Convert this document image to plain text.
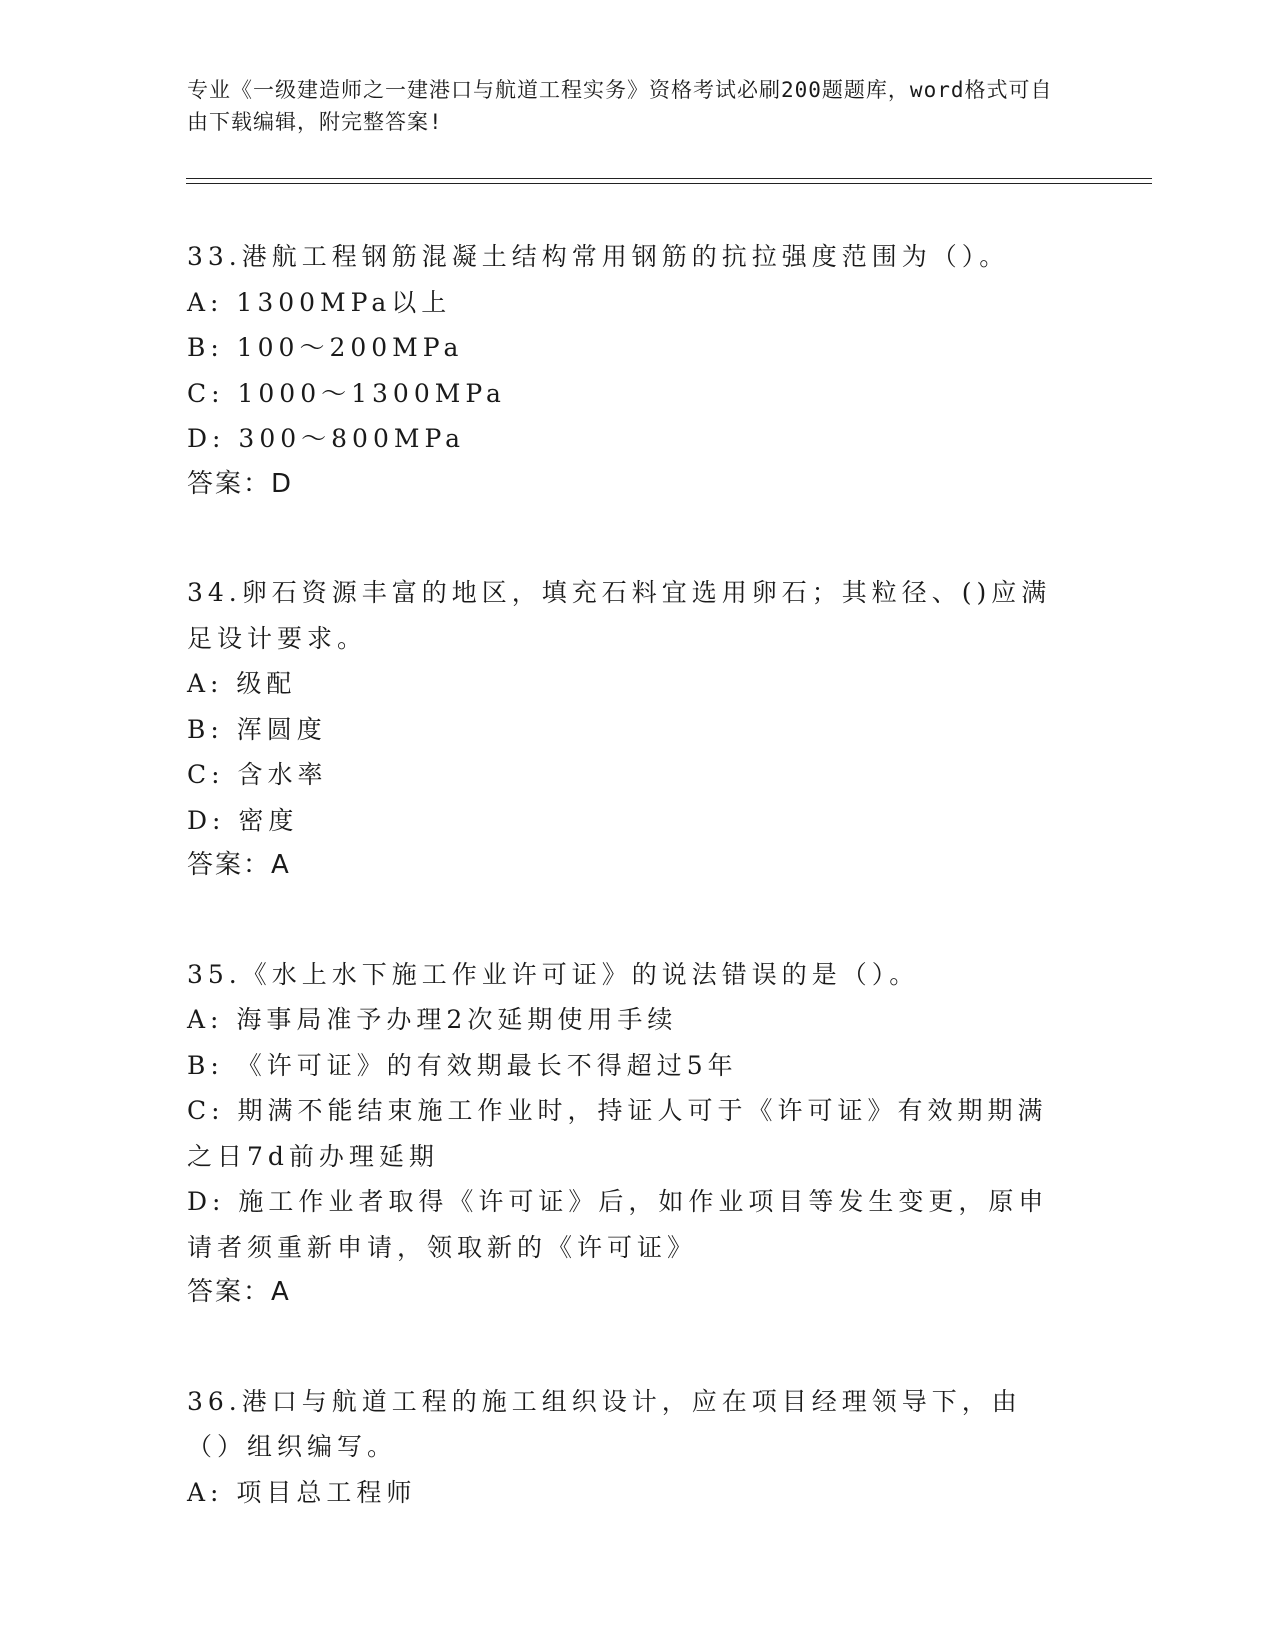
专业《一级建造师之一建港口与航道工程实务》资格考试必刷200题题库，word格式可自由下载编辑，附完整答案!
33.港航工程钢筋混凝土结构常用钢筋的抗拉强度范围为（）。
A: 1300MPa以上
B: 100～200MPa
C: 1000～1300MPa
D: 300～800MPa
答案：D
34.卵石资源丰富的地区，填充石料宜选用卵石；其粒径、()应满足设计要求。
A: 级配
B: 浑圆度
C: 含水率
D: 密度
答案：A
35.《水上水下施工作业许可证》的说法错误的是（）。
A: 海事局准予办理2次延期使用手续
B: 《许可证》的有效期最长不得超过5年
C: 期满不能结束施工作业时，持证人可于《许可证》有效期期满之日7d前办理延期
D: 施工作业者取得《许可证》后，如作业项目等发生变更，原申请者须重新申请，领取新的《许可证》
答案：A
36.港口与航道工程的施工组织设计，应在项目经理领导下，由（）组织编写。
A: 项目总工程师
